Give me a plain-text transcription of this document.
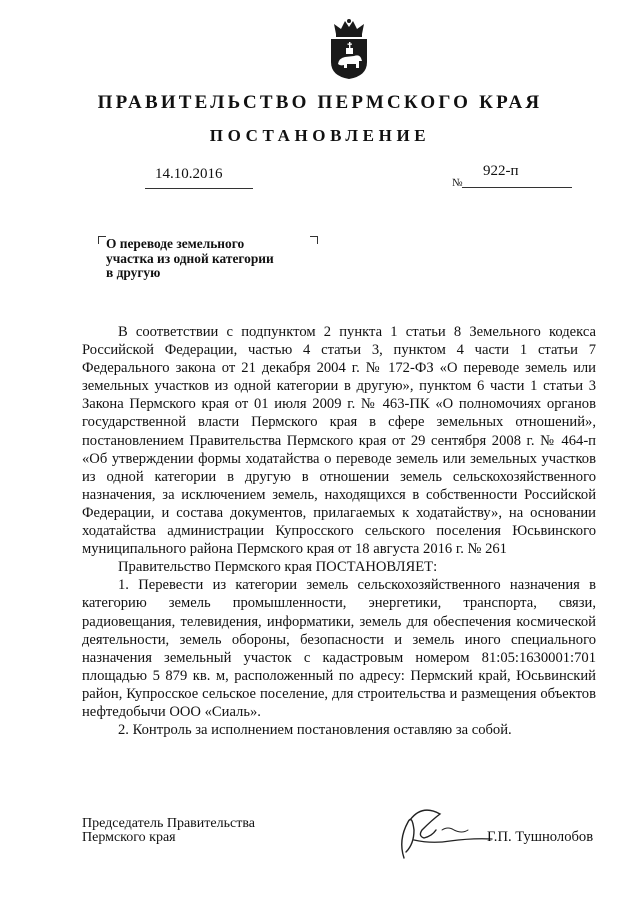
ПРАВИТЕЛЬСТВО ПЕРМСКОГО КРАЯ
ПОСТАНОВЛЕНИЕ
14.10.2016
№
922-п
О переводе земельного
участка из одной категории
в другую

В соответствии с подпунктом 2 пункта 1 статьи 8 Земельного кодекса Российской Федерации, частью 4 статьи 3, пунктом 4 части 1 статьи 7 Федерального закона от 21 декабря 2004 г. № 172-ФЗ «О переводе земель или земельных участков из одной категории в другую», пунктом 6 части 1 статьи 3 Закона Пермского края от 01 июля 2009 г. № 463-ПК «О полномочиях органов государственной власти Пермского края в сфере земельных отношений», постановлением Правительства Пермского края от 29 сентября 2008 г. № 464-п «Об утверждении формы ходатайства о переводе земель или земельных участков из одной категории в другую в отношении земель сельскохозяйственного назначения, за исключением земель, находящихся в собственности Российской Федерации, и состава документов, прилагаемых к ходатайству», на основании ходатайства администрации Купросского сельского поселения Юсьвинского муниципального района Пермского края от 18 августа 2016 г. № 261

Правительство Пермского края ПОСТАНОВЛЯЕТ:

1. Перевести из категории земель сельскохозяйственного назначения в категорию земель промышленности, энергетики, транспорта, связи, радиовещания, телевидения, информатики, земель для обеспечения космической деятельности, земель обороны, безопасности и земель иного специального назначения земельный участок с кадастровым номером 81:05:1630001:701 площадью 5 879 кв. м, расположенный по адресу: Пермский край, Юсьвинский район, Купросское сельское поселение, для строительства и размещения объектов нефтедобычи ООО «Сиаль».

2. Контроль за исполнением постановления оставляю за собой.

Председатель Правительства
Пермского края	Г.П. Тушнолобов
